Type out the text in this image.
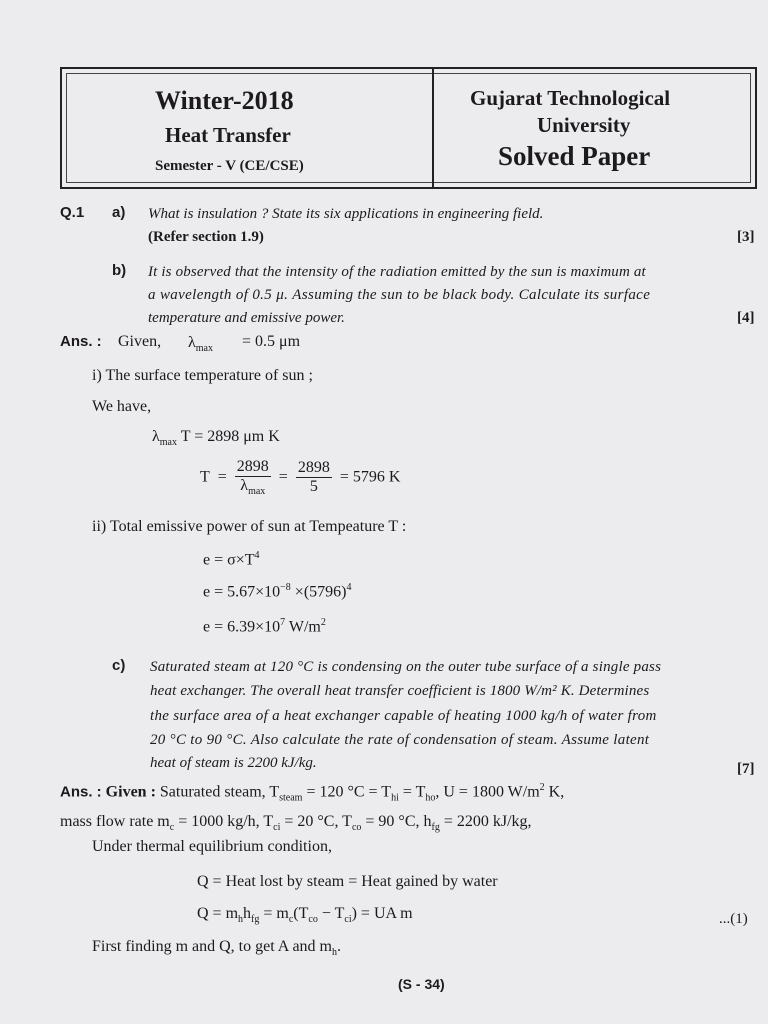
Winter-2018
Heat Transfer
Semester - V (CE/CSE)
Gujarat Technological
University
Solved Paper
Q.1 a) What is insulation ? State its six applications in engineering field.
(Refer section 1.9)	[3]
b) It is observed that the intensity of the radiation emitted by the sun is maximum at
a wavelength of 0.5 μ. Assuming the sun to be black body. Calculate its surface
temperature and emissive power.	[4]
Ans. : Given, $\lambda_{max} = 0.5$ μm
i) The surface temperature of sun ;
We have,
$\lambda_{max}$ T = 2898 μm K
$T = \frac{2898}{\lambda_{max}} = \frac{2898}{5} = 5796$ K
ii) Total emissive power of sun at Tempeature T :
$e = \sigma\times T^4$
$e = 5.67\times 10^{-8} \times(5796)^4$
$e = 6.39\times 10^7$ $W/m^2$
c) Saturated steam at 120 °C is condensing on the outer tube surface of a single pass
heat exchanger. The overall heat transfer coefficient is 1800 W/m² K. Determines
the surface area of a heat exchanger capable of heating 1000 kg/h of water from
20 °C to 90 °C. Also calculate the rate of condensation of steam. Assume latent
heat of steam is 2200 kJ/kg.	[7]
Ans. : Given : Saturated steam, $T_{steam} = 120$ $^\circ C = T_{hi} = T_{ho}$, U = 1800 $W/m^2$ K,
mass flow rate $m_c = 1000$ kg/h, $T_{ci} = 20$ °C, $T_{co} = 90$ °C, $h_{fg} = 2200$ kJ/kg,
Under thermal equilibrium condition,
Q = Heat lost by steam = Heat gained by water
$Q = m_hh_{fg} = m_c(T_{co} - T_{ci})$ = UA m	...(1)
First finding m and Q, to get A and $m_h$.
(S - 34)
